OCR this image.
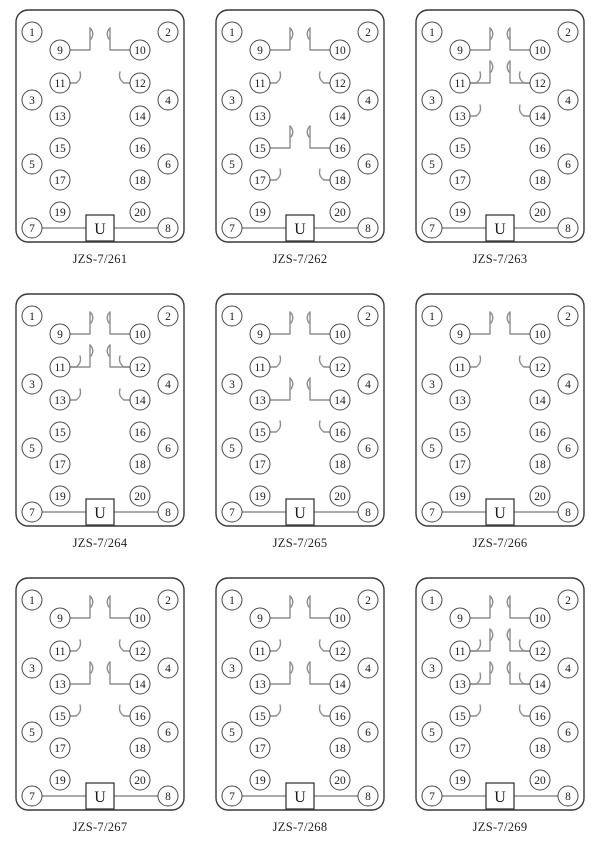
U
1
3
5
7
2
4
6
8
9
11
13
15
17
19
10
12
14
16
18
20
JZS-7/261
U
1
3
5
7
2
4
6
8
9
11
13
15
17
19
10
12
14
16
18
20
JZS-7/262
U
1
3
5
7
2
4
6
8
9
11
13
15
17
19
10
12
14
16
18
20
JZS-7/263
U
1
3
5
7
2
4
6
8
9
11
13
15
17
19
10
12
14
16
18
20
JZS-7/264
U
1
3
5
7
2
4
6
8
9
11
13
15
17
19
10
12
14
16
18
20
JZS-7/265
U
1
3
5
7
2
4
6
8
9
11
13
15
17
19
10
12
14
16
18
20
JZS-7/266
U
1
3
5
7
2
4
6
8
9
11
13
15
17
19
10
12
14
16
18
20
JZS-7/267
U
1
3
5
7
2
4
6
8
9
11
13
15
17
19
10
12
14
16
18
20
JZS-7/268
U
1
3
5
7
2
4
6
8
9
11
13
15
17
19
10
12
14
16
18
20
JZS-7/269
